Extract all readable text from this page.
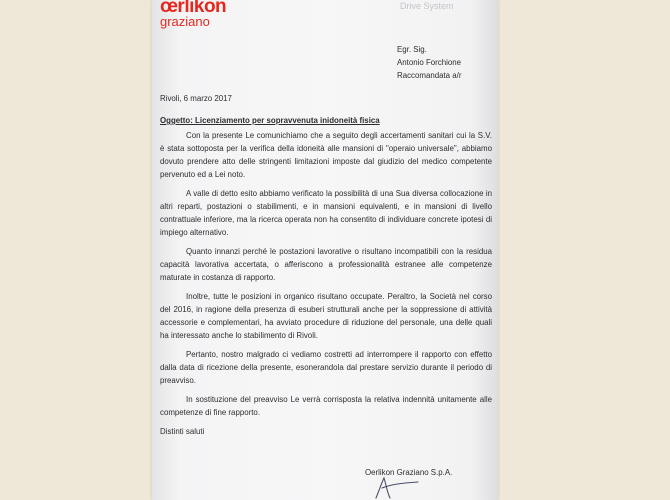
œrlikon
graziano
Drive System
Egr. Sig.
Antonio Forchione
Raccomandata a/r
Rivoli, 6 marzo 2017
Oggetto: Licenziamento per sopravvenuta inidoneità fisica

Con la presente Le comunichiamo che a seguito degli accertamenti sanitari cui la S.V. è stata sottoposta per la verifica della idoneità alle mansioni di "operaio universale", abbiamo dovuto prendere atto delle stringenti limitazioni imposte dal giudizio del medico competente pervenuto ed a Lei noto.

A valle di detto esito abbiamo verificato la possibilità di una Sua diversa collocazione in altri reparti, postazioni o stabilimenti, e in mansioni equivalenti, e in mansioni di livello contrattuale inferiore, ma la ricerca operata non ha consentito di individuare concrete ipotesi di impiego alternativo.

Quanto innanzi perché le postazioni lavorative o risultano incompatibili con la residua capacità lavorativa accertata, o afferiscono a professionalità estranee alle competenze maturate in costanza di rapporto.

Inoltre, tutte le posizioni in organico risultano occupate. Peraltro, la Società nel corso del 2016, in ragione della presenza di esuberi strutturali anche per la soppressione di attività accessorie e complementari, ha avviato procedure di riduzione del personale, una delle quali ha interessato anche lo stabilimento di Rivoli.

Pertanto, nostro malgrado ci vediamo costretti ad interrompere il rapporto con effetto dalla data di ricezione della presente, esonerandola dal prestare servizio durante il periodo di preavviso.

In sostituzione del preavviso Le verrà corrisposta la relativa indennità unitamente alle competenze di fine rapporto.

Distinti saluti
Oerlikon Graziano S.p.A.
